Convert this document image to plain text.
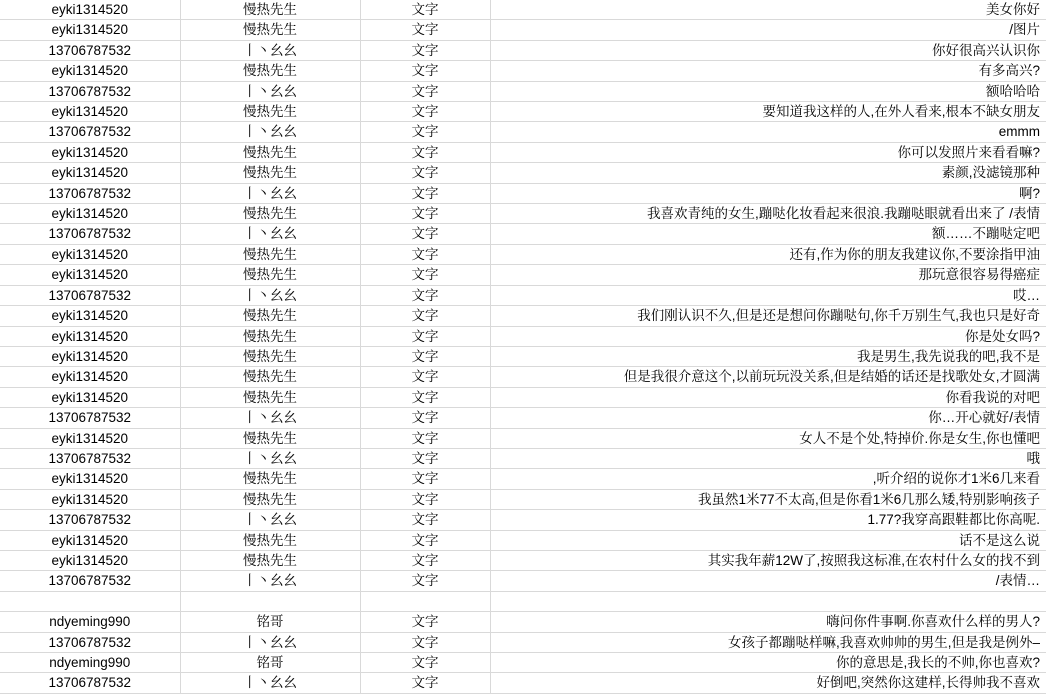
eyki1314520	慢热先生	文字	美女你好
eyki1314520	慢热先生	文字	/图片
13706787532	丨丶幺幺	文字	你好很高兴认识你
eyki1314520	慢热先生	文字	有多高兴?
13706787532	丨丶幺幺	文字	额哈哈哈
eyki1314520	慢热先生	文字	要知道我这样的人,在外人看来,根本不缺女朋友
13706787532	丨丶幺幺	文字	emmm
eyki1314520	慢热先生	文字	你可以发照片来看看嘛?
eyki1314520	慢热先生	文字	素颜,没滤镜那种
13706787532	丨丶幺幺	文字	啊?
eyki1314520	慢热先生	文字	我喜欢青纯的女生,蹦哒化妆看起来很浪.我蹦哒眼就看出来了 /表情
13706787532	丨丶幺幺	文字	额……不蹦哒定吧
eyki1314520	慢热先生	文字	还有,作为你的朋友我建议你,不要涂指甲油
eyki1314520	慢热先生	文字	那玩意很容易得癌症
13706787532	丨丶幺幺	文字	哎…
eyki1314520	慢热先生	文字	我们刚认识不久,但是还是想问你蹦哒句,你千万别生气,我也只是好奇
eyki1314520	慢热先生	文字	你是处女吗?
eyki1314520	慢热先生	文字	我是男生,我先说我的吧,我不是
eyki1314520	慢热先生	文字	但是我很介意这个,以前玩玩没关系,但是结婚的话还是找歌处女,才圆满
eyki1314520	慢热先生	文字	你看我说的对吧
13706787532	丨丶幺幺	文字	你…开心就好/表情
eyki1314520	慢热先生	文字	女人不是个处,特掉价.你是女生,你也懂吧
13706787532	丨丶幺幺	文字	哦
eyki1314520	慢热先生	文字	,听介绍的说你才1米6几来看
eyki1314520	慢热先生	文字	我虽然1米77不太高,但是你看1米6几那么矮,特别影响孩子
13706787532	丨丶幺幺	文字	1.77?我穿高跟鞋都比你高呢.
eyki1314520	慢热先生	文字	话不是这么说
eyki1314520	慢热先生	文字	其实我年薪12W了,按照我这标准,在农村什么女的找不到
13706787532	丨丶幺幺	文字	/表情…

ndyeming990	铭哥	文字	嗨问你件事啊.你喜欢什么样的男人?
13706787532	丨丶幺幺	文字	女孩子都蹦哒样嘛,我喜欢帅帅的男生,但是我是例外–
ndyeming990	铭哥	文字	你的意思是,我长的不帅,你也喜欢?
13706787532	丨丶幺幺	文字	好倒吧,突然你这建样,长得帅我不喜欢
